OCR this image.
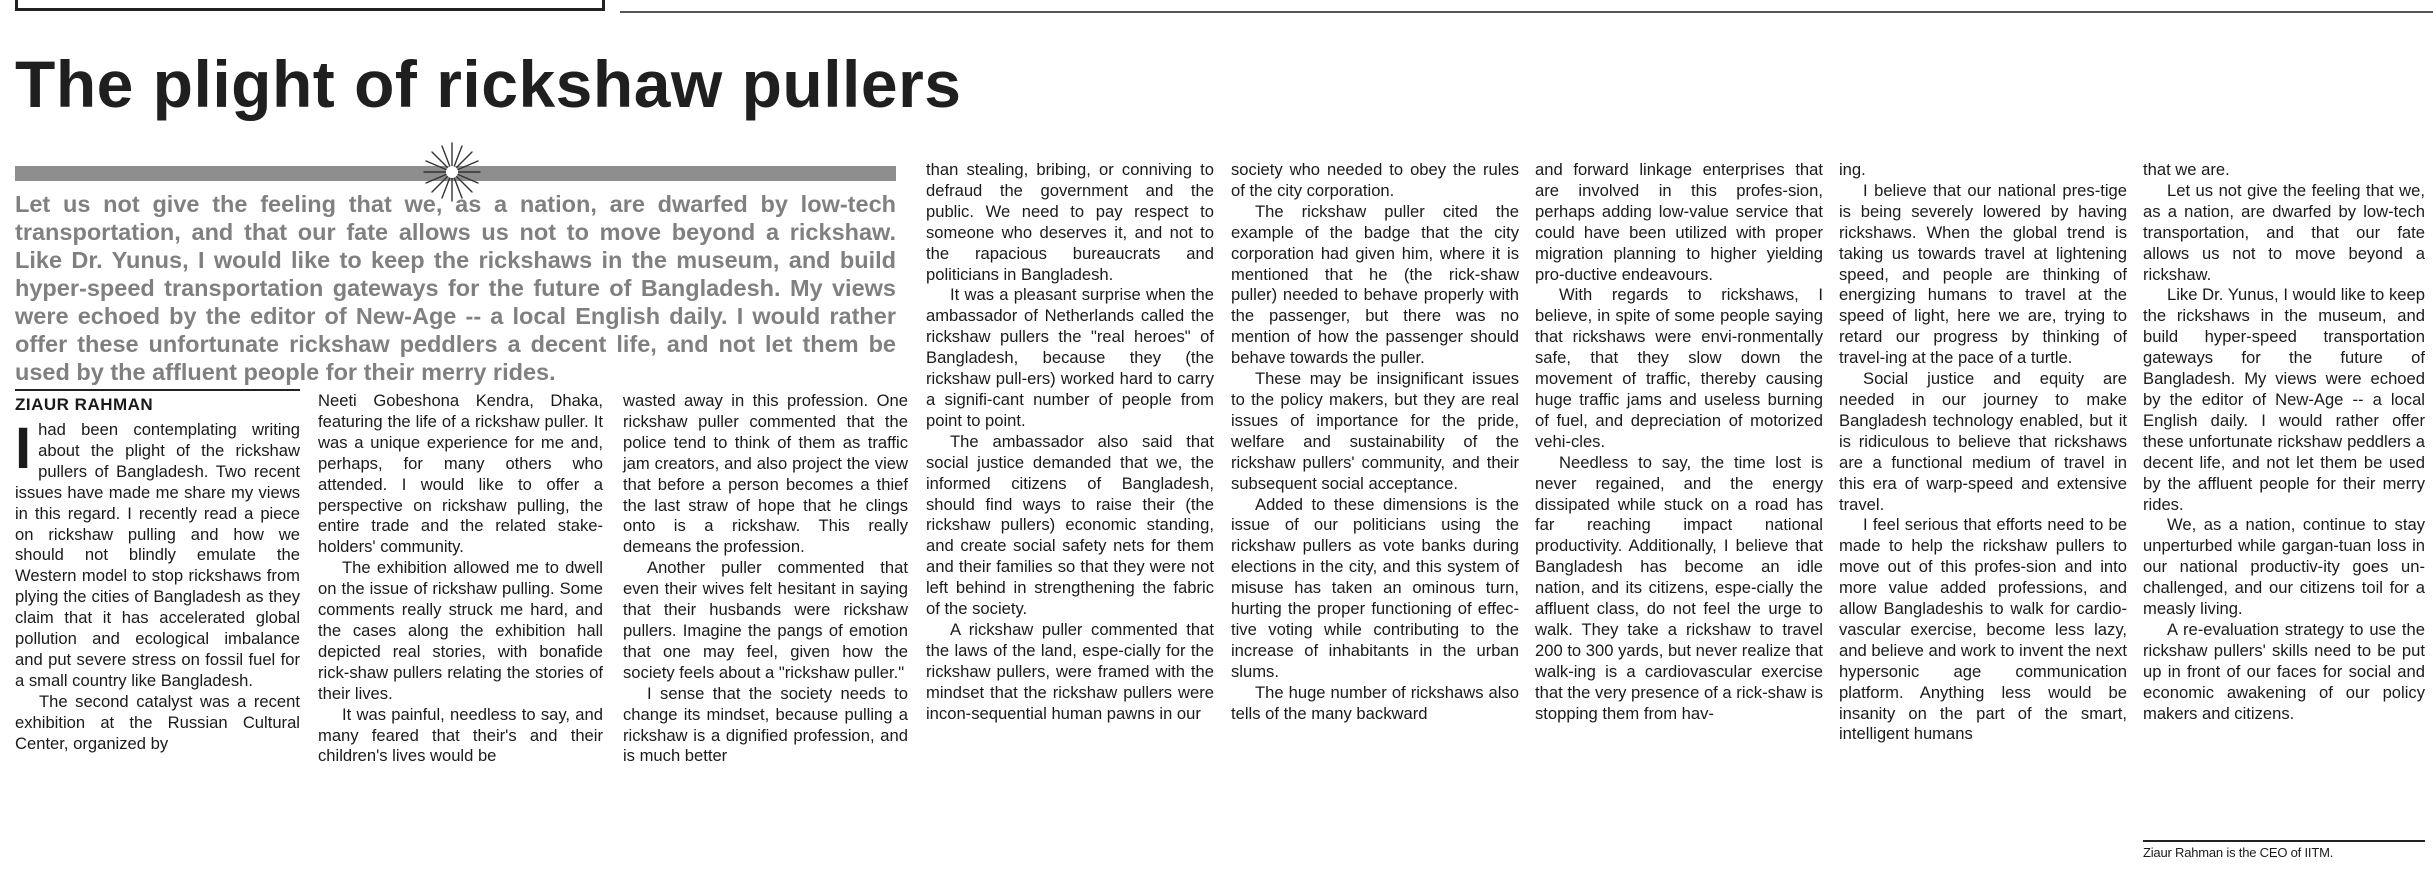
The plight of rickshaw pullers

Let us not give the feeling that we, as a nation, are dwarfed by low-tech transportation, and that our fate allows us not to move beyond a rickshaw. Like Dr. Yunus, I would like to keep the rickshaws in the museum, and build hyper-speed transportation gateways for the future of Bangladesh. My views were echoed by the editor of New-Age -- a local English daily. I would rather offer these unfortunate rickshaw peddlers a decent life, and not let them be used by the affluent people for their merry rides.

ZIAUR RAHMAN

Ihad been contemplating writing about the plight of the rickshaw pullers of Bangladesh. Two recent issues have made me share my views in this regard. I recently read a piece on rickshaw pulling and how we should not blindly emulate the Western model to stop rickshaws from plying the cities of Bangladesh as they claim that it has accelerated global pollution and ecological imbalance and put severe stress on fossil fuel for a small country like Bangladesh.

The second catalyst was a recent exhibition at the Russian Cultural Center, organized by

Neeti Gobeshona Kendra, Dhaka, featuring the life of a rickshaw puller. It was a unique experience for me and, perhaps, for many others who attended. I would like to offer a perspective on rickshaw pulling, the entire trade and the related stake-holders' community.

The exhibition allowed me to dwell on the issue of rickshaw pulling. Some comments really struck me hard, and the cases along the exhibition hall depicted real stories, with bonafide rick-shaw pullers relating the stories of their lives.

It was painful, needless to say, and many feared that their's and their children's lives would be

wasted away in this profession. One rickshaw puller commented that the police tend to think of them as traffic jam creators, and also project the view that before a person becomes a thief the last straw of hope that he clings onto is a rickshaw. This really demeans the profession.

Another puller commented that even their wives felt hesitant in saying that their husbands were rickshaw pullers. Imagine the pangs of emotion that one may feel, given how the society feels about a "rickshaw puller."

I sense that the society needs to change its mindset, because pulling a rickshaw is a dignified profession, and is much better

than stealing, bribing, or conniving to defraud the government and the public. We need to pay respect to someone who deserves it, and not to the rapacious bureaucrats and politicians in Bangladesh.

It was a pleasant surprise when the ambassador of Netherlands called the rickshaw pullers the "real heroes" of Bangladesh, because they (the rickshaw pull-ers) worked hard to carry a signifi-cant number of people from point to point.

The ambassador also said that social justice demanded that we, the informed citizens of Bangladesh, should find ways to raise their (the rickshaw pullers) economic standing, and create social safety nets for them and their families so that they were not left behind in strengthening the fabric of the society.

A rickshaw puller commented that the laws of the land, espe-cially for the rickshaw pullers, were framed with the mindset that the rickshaw pullers were incon-sequential human pawns in our

society who needed to obey the rules of the city corporation.

The rickshaw puller cited the example of the badge that the city corporation had given him, where it is mentioned that he (the rick-shaw puller) needed to behave properly with the passenger, but there was no mention of how the passenger should behave towards the puller.

These may be insignificant issues to the policy makers, but they are real issues of importance for the pride, welfare and sustainability of the rickshaw pullers' community, and their subsequent social acceptance.

Added to these dimensions is the issue of our politicians using the rickshaw pullers as vote banks during elections in the city, and this system of misuse has taken an ominous turn, hurting the proper functioning of effec-tive voting while contributing to the increase of inhabitants in the urban slums.

The huge number of rickshaws also tells of the many backward

and forward linkage enterprises that are involved in this profes-sion, perhaps adding low-value service that could have been utilized with proper migration planning to higher yielding pro-ductive endeavours.

With regards to rickshaws, I believe, in spite of some people saying that rickshaws were envi-ronmentally safe, that they slow down the movement of traffic, thereby causing huge traffic jams and useless burning of fuel, and depreciation of motorized vehi-cles.

Needless to say, the time lost is never regained, and the energy dissipated while stuck on a road has far reaching impact national productivity. Additionally, I believe that Bangladesh has become an idle nation, and its citizens, espe-cially the affluent class, do not feel the urge to walk. They take a rickshaw to travel 200 to 300 yards, but never realize that walk-ing is a cardiovascular exercise that the very presence of a rick-shaw is stopping them from hav-

ing.

I believe that our national pres-tige is being severely lowered by having rickshaws. When the global trend is taking us towards travel at lightening speed, and people are thinking of energizing humans to travel at the speed of light, here we are, trying to retard our progress by thinking of travel-ing at the pace of a turtle.

Social justice and equity are needed in our journey to make Bangladesh technology enabled, but it is ridiculous to believe that rickshaws are a functional medium of travel in this era of warp-speed and extensive travel.

I feel serious that efforts need to be made to help the rickshaw pullers to move out of this profes-sion and into more value added professions, and allow Bangladeshis to walk for cardio-vascular exercise, become less lazy, and believe and work to invent the next hypersonic age communication platform. Anything less would be insanity on the part of the smart, intelligent humans

that we are.

Let us not give the feeling that we, as a nation, are dwarfed by low-tech transportation, and that our fate allows us not to move beyond a rickshaw.

Like Dr. Yunus, I would like to keep the rickshaws in the museum, and build hyper-speed transportation gateways for the future of Bangladesh. My views were echoed by the editor of New-Age -- a local English daily. I would rather offer these unfortunate rickshaw peddlers a decent life, and not let them be used by the affluent people for their merry rides.

We, as a nation, continue to stay unperturbed while gargan-tuan loss in our national productiv-ity goes un-challenged, and our citizens toil for a measly living.

A re-evaluation strategy to use the rickshaw pullers' skills need to be put up in front of our faces for social and economic awakening of our policy makers and citizens.

Ziaur Rahman is the CEO of IITM.
